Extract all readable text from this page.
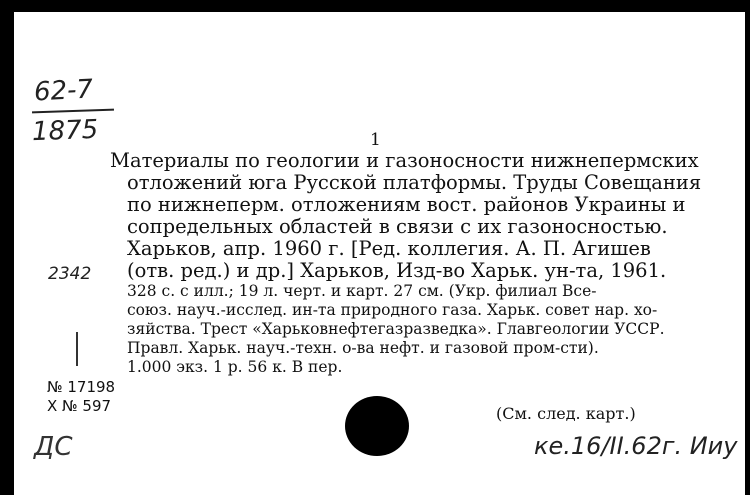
62-7
1875	1
2342
Материалы по геологии и газоносности нижнепермских
отложений юга Русской платформы. Труды Совещания
по нижнеперм. отложениям вост. районов Украины и
сопредельных областей в связи с их газоносностью.
Харьков, апр. 1960 г. [Ред. коллегия. А. П. Агишев
(отв. ред.) и др.] Харьков, Изд-во Харьк. ун-та, 1961.
328 с. с илл.; 19 л. черт. и карт. 27 см. (Укр. филиал Все-
союз. науч.-исслед. ин-та природного газа. Харьк. совет нар. хо-
зяйства. Трест «Харьковнефтегазразведка». Главгеологии УССР.
Правл. Харьк. науч.-техн. о-ва нефт. и газовой пром-сти).
1.000 экз. 1 р. 56 к. В пер.
№ 17198
X № 597	(См. след. карт.)
ДС	ке.16/II.62г. Ииу
